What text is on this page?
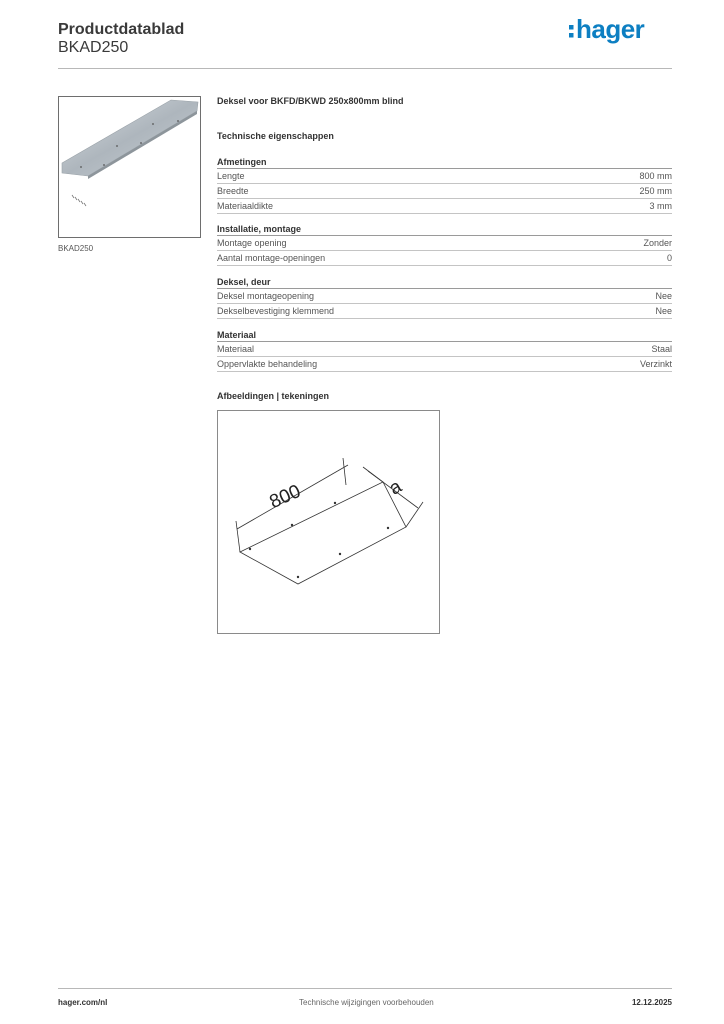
Productdatablad
BKAD250
hager
BKAD250
Deksel voor BKFD/BKWD 250x800mm blind
Technische eigenschappen
Afmetingen
Lengte	800 mm
Breedte	250 mm
Materiaaldikte	3 mm
Installatie, montage
Montage opening	Zonder
Aantal montage-openingen	0
Deksel, deur
Deksel montageopening	Nee
Dekselbevestiging klemmend	Nee
Materiaal
Materiaal	Staal
Oppervlakte behandeling	Verzinkt
Afbeeldingen | tekeningen
800	a
hager.com/nl	Technische wijzigingen voorbehouden	12.12.2025
